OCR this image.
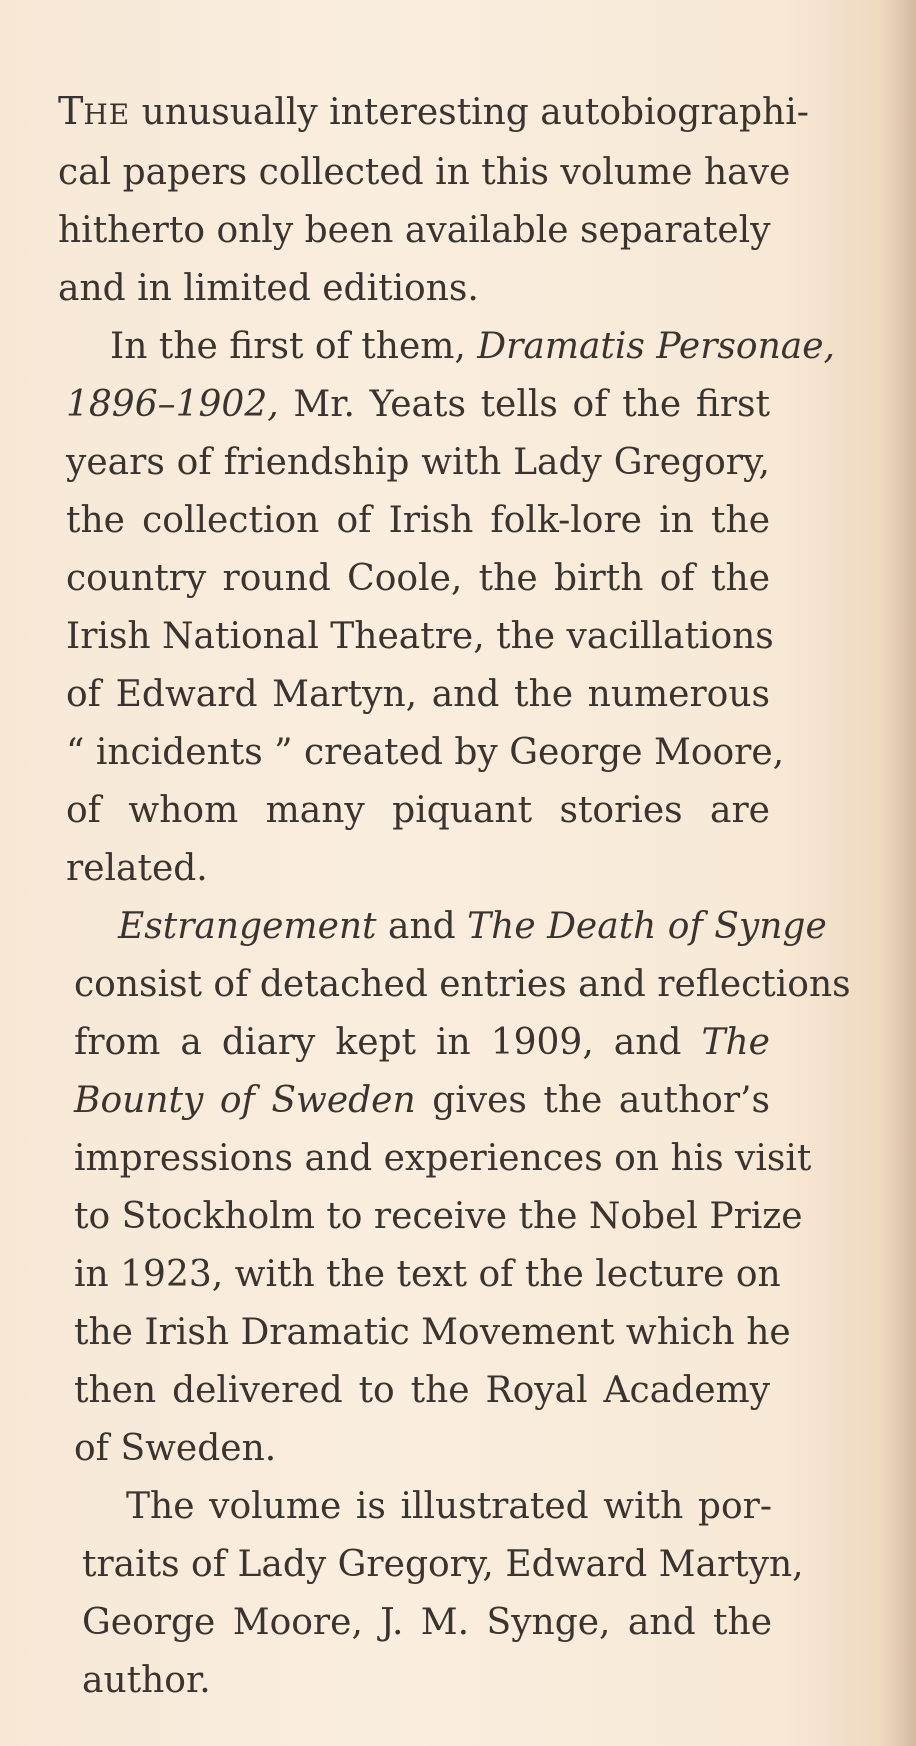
THE unusually interesting autobiographi-
cal papers collected in this volume have
hitherto only been available separately
and in limited editions.

In the first of them, Dramatis Personae,
1896–1902, Mr. Yeats tells of the first
years of friendship with Lady Gregory,
the collection of Irish folk-lore in the
country round Coole, the birth of the
Irish National Theatre, the vacillations
of Edward Martyn, and the numerous
“ incidents ” created by George Moore,
of whom many piquant stories are
related.

Estrangement and The Death of Synge
consist of detached entries and reflections
from a diary kept in 1909, and The
Bounty of Sweden gives the author’s
impressions and experiences on his visit
to Stockholm to receive the Nobel Prize
in 1923, with the text of the lecture on
the Irish Dramatic Movement which he
then delivered to the Royal Academy
of Sweden.

The volume is illustrated with por-
traits of Lady Gregory, Edward Martyn,
George Moore, J. M. Synge, and the
author.
